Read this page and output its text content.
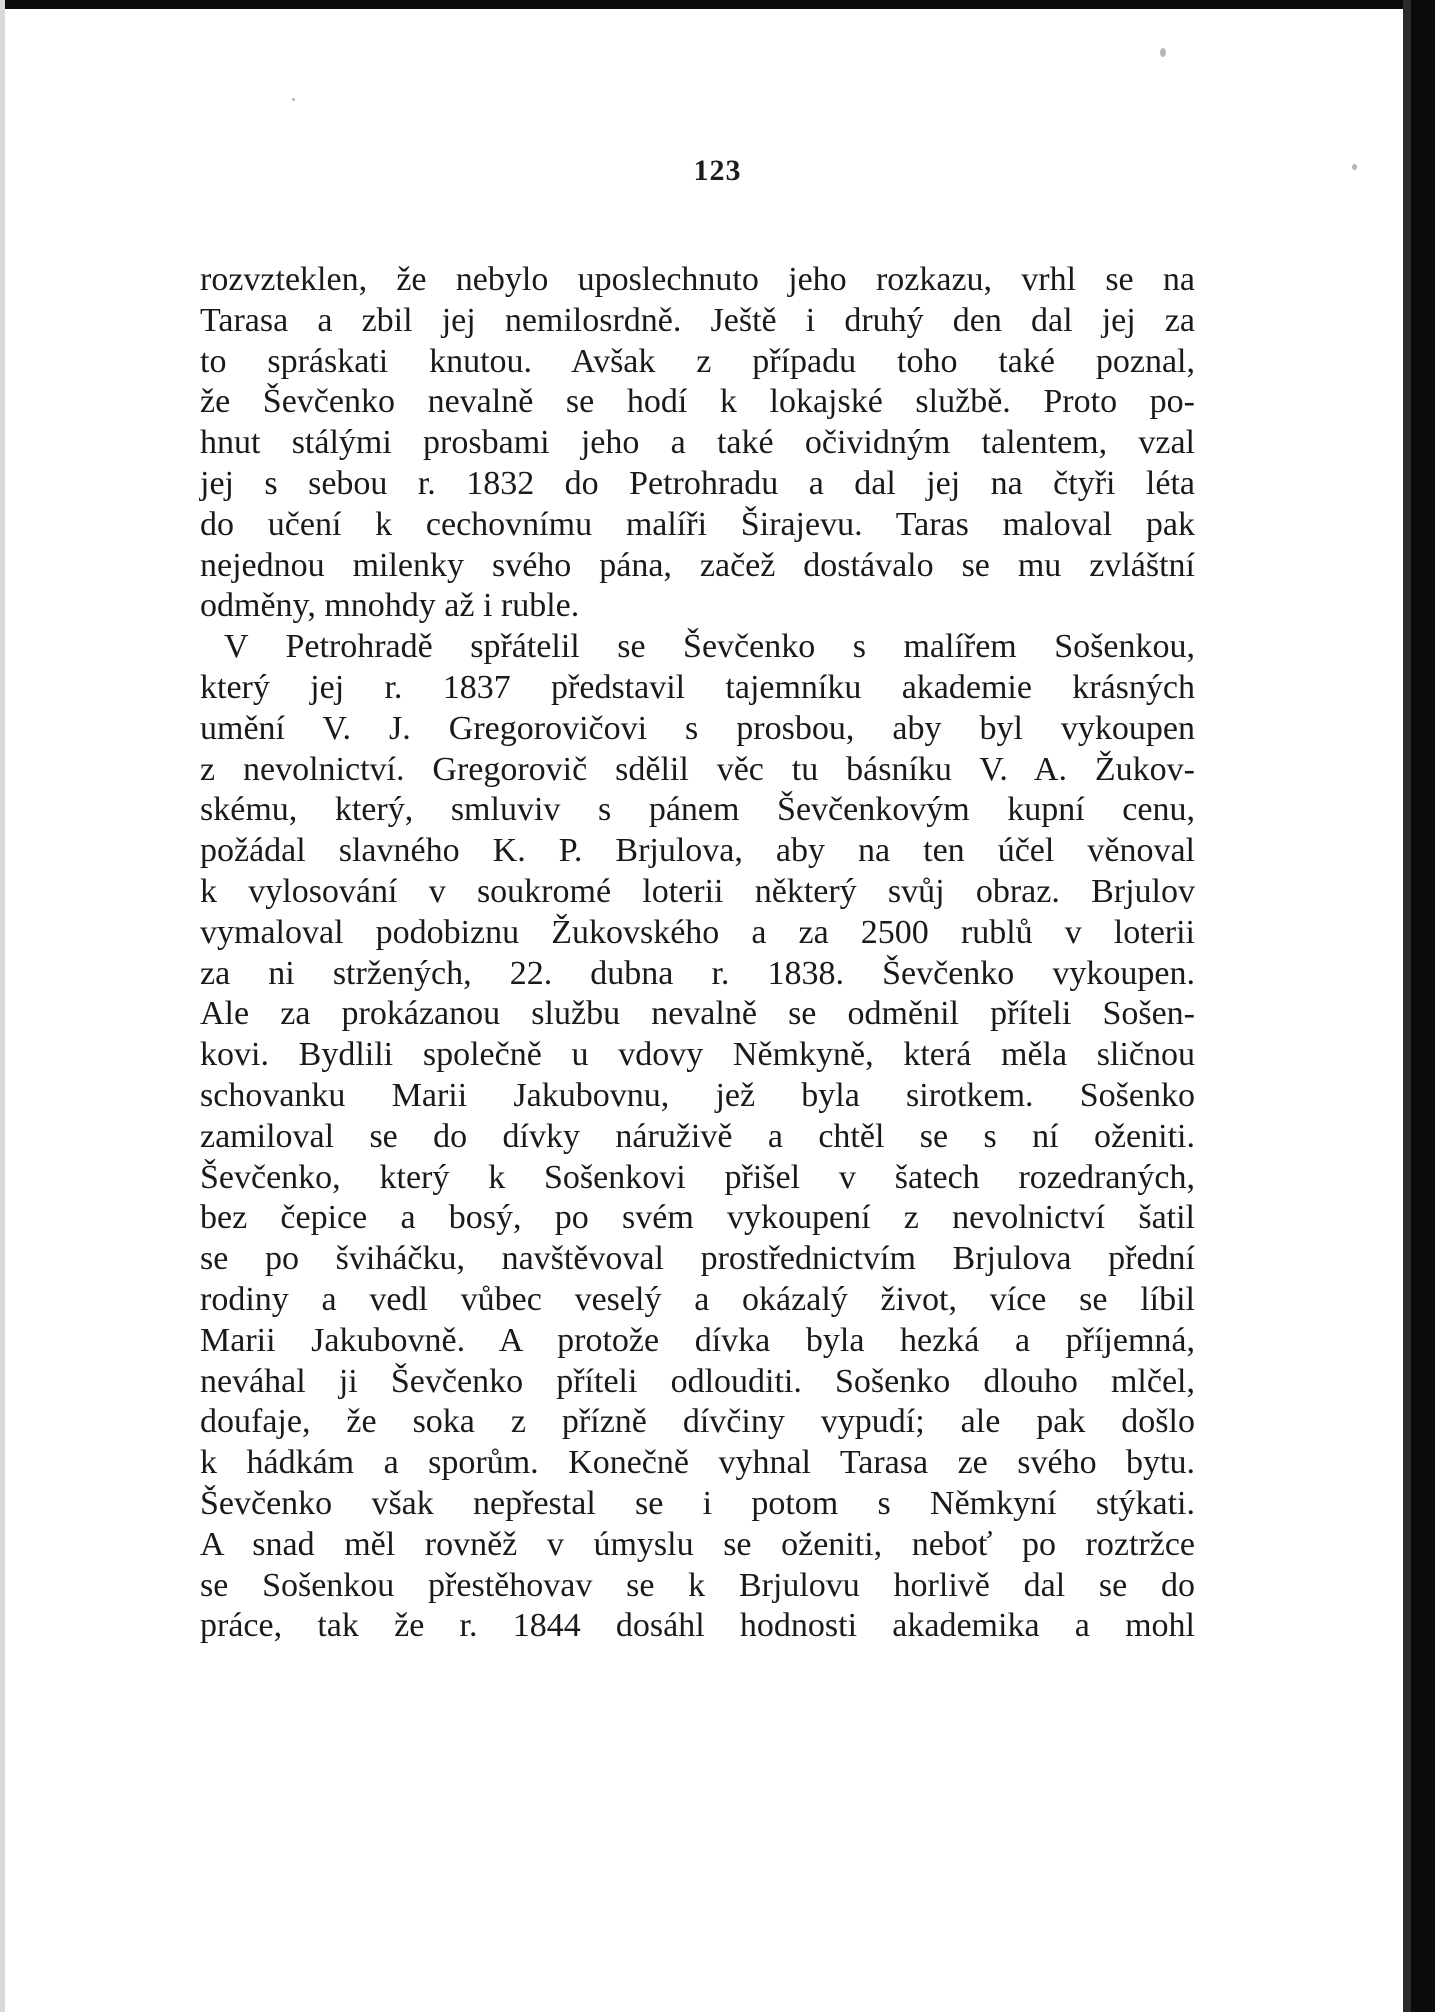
123
rozvzteklen, že nebylo uposlechnuto jeho rozkazu, vrhl se na
Tarasa a zbil jej nemilosrdně. Ještě i druhý den dal jej za
to spráskati knutou. Avšak z případu toho také poznal,
že Ševčenko nevalně se hodí k lokajské službě. Proto po-
hnut stálými prosbami jeho a také očividným talentem, vzal
jej s sebou r. 1832 do Petrohradu a dal jej na čtyři léta
do učení k cechovnímu malíři Širajevu. Taras maloval pak
nejednou milenky svého pána, začež dostávalo se mu zvláštní
odměny, mnohdy až i ruble.
V Petrohradě spřátelil se Ševčenko s malířem Sošenkou,
který jej r. 1837 představil tajemníku akademie krásných
umění V. J. Gregorovičovi s prosbou, aby byl vykoupen
z nevolnictví. Gregorovič sdělil věc tu básníku V. A. Žukov-
skému, který, smluviv s pánem Ševčenkovým kupní cenu,
požádal slavného K. P. Brjulova, aby na ten účel věnoval
k vylosování v soukromé loterii některý svůj obraz. Brjulov
vymaloval podobiznu Žukovského a za 2500 rublů v loterii
za ni stržených, 22. dubna r. 1838. Ševčenko vykoupen.
Ale za prokázanou službu nevalně se odměnil příteli Sošen-
kovi. Bydlili společně u vdovy Němkyně, která měla sličnou
schovanku Marii Jakubovnu, jež byla sirotkem. Sošenko
zamiloval se do dívky náruživě a chtěl se s ní oženiti.
Ševčenko, který k Sošenkovi přišel v šatech rozedraných,
bez čepice a bosý, po svém vykoupení z nevolnictví šatil
se po šviháčku, navštěvoval prostřednictvím Brjulova přední
rodiny a vedl vůbec veselý a okázalý život, více se líbil
Marii Jakubovně. A protože dívka byla hezká a příjemná,
neváhal ji Ševčenko příteli odlouditi. Sošenko dlouho mlčel,
doufaje, že soka z přízně dívčiny vypudí; ale pak došlo
k hádkám a sporům. Konečně vyhnal Tarasa ze svého bytu.
Ševčenko však nepřestal se i potom s Němkyní stýkati.
A snad měl rovněž v úmyslu se oženiti, neboť po roztržce
se Sošenkou přestěhovav se k Brjulovu horlivě dal se do
práce, tak že r. 1844 dosáhl hodnosti akademika a mohl
